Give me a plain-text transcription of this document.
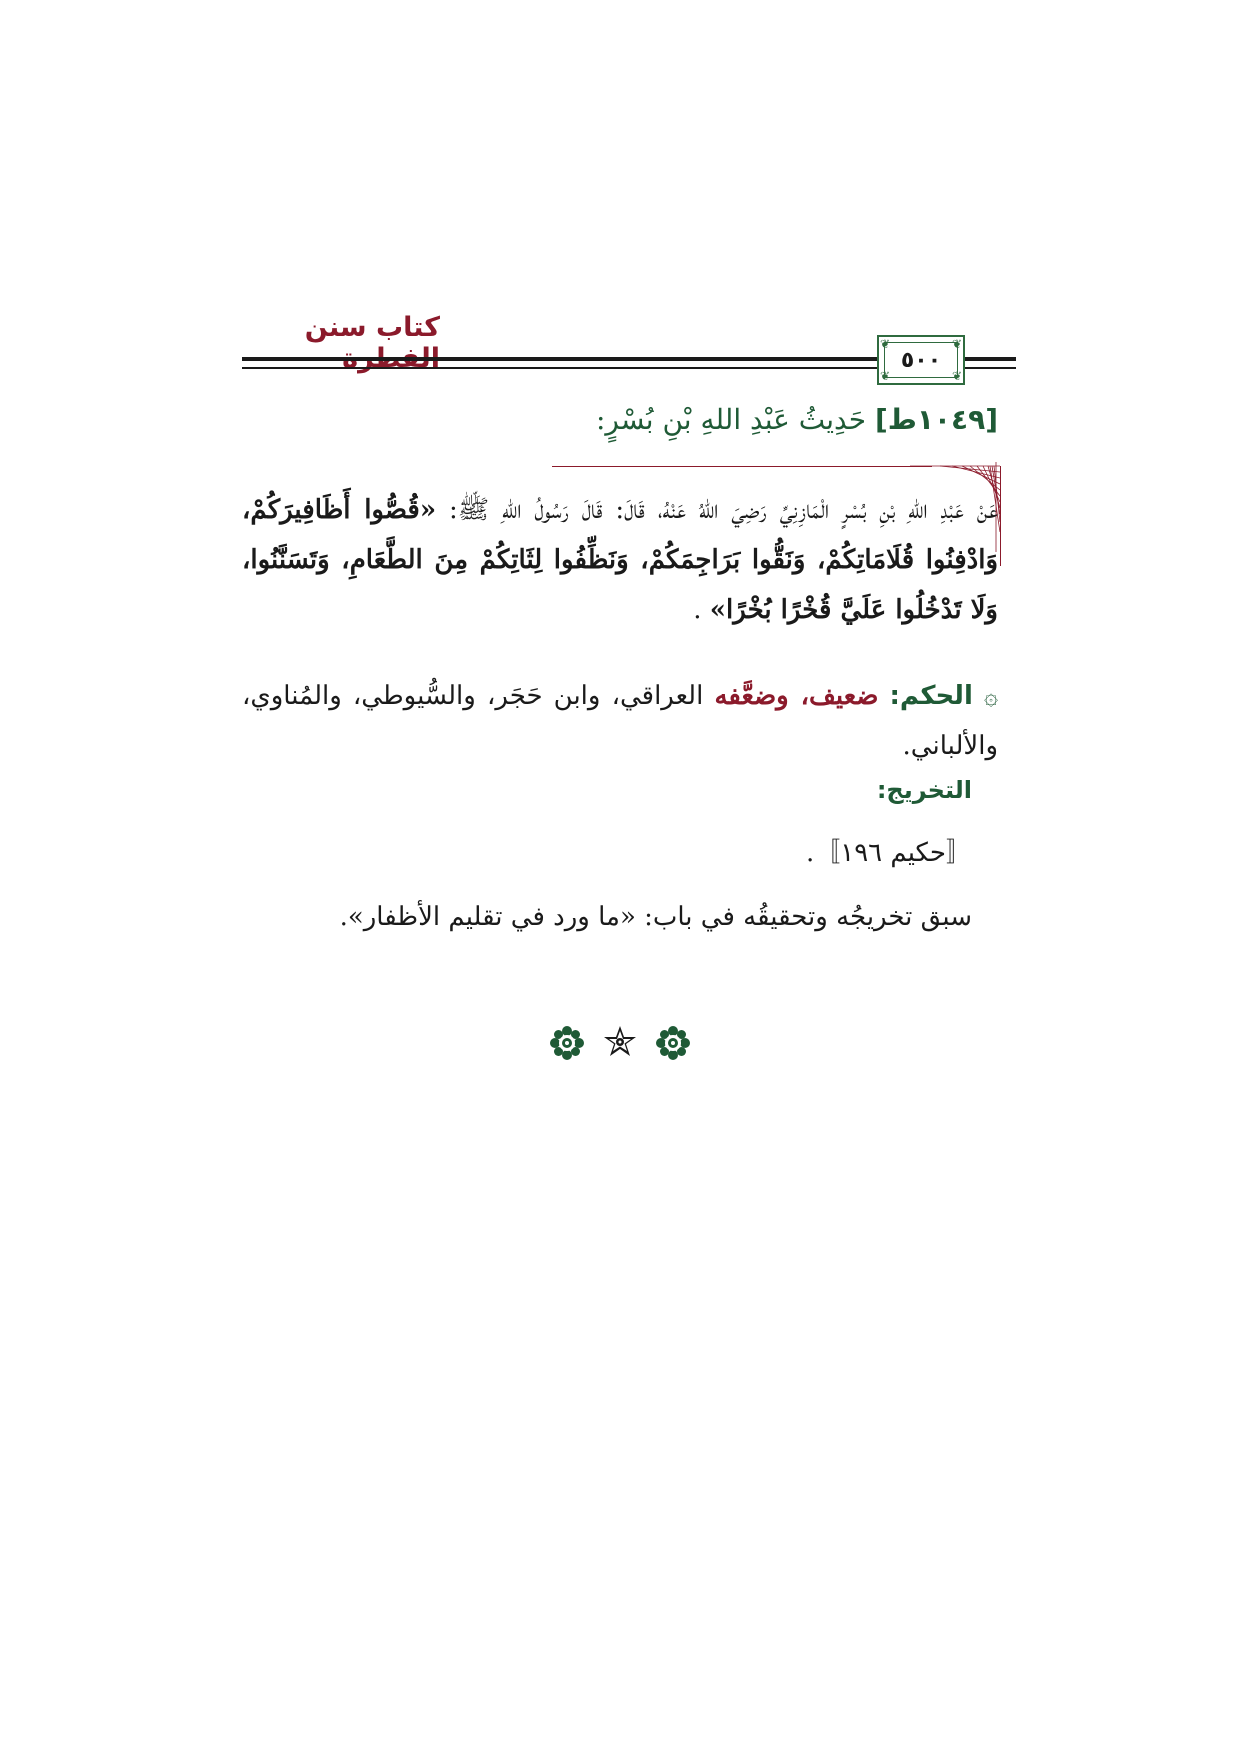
كتاب سنن الفطرة	❦	❦
❦	❦
٥٠٠
[١٠٤٩ط] حَدِيثُ عَبْدِ اللهِ بْنِ بُسْرٍ:
عَنْ عَبْدِ اللهِ بْنِ بُسْرٍ الْمَازِنِيِّ رَضِيَ اللهُ عَنْهُ، قَالَ: قَالَ رَسُولُ اللهِ ﷺ: «قُصُّوا أَظَافِيرَكُمْ، وَادْفِنُوا قُلَامَاتِكُمْ، وَنَقُّوا بَرَاجِمَكُمْ، وَنَظِّفُوا لِثَاتِكُمْ مِنَ الطَّعَامِ، وَتَسَنَّنُوا، وَلَا تَدْخُلُوا عَلَيَّ قُخْرًا بُخْرًا» .
۞ الحكم: ضعيف، وضعَّفه العراقي، وابن حَجَر، والسُّيوطي، والمُناوي، والألباني.
التخريج:
〚حكيم ١٩٦〛.
سبق تخريجُه وتحقيقُه في باب: «ما ورد في تقليم الأظفار».
